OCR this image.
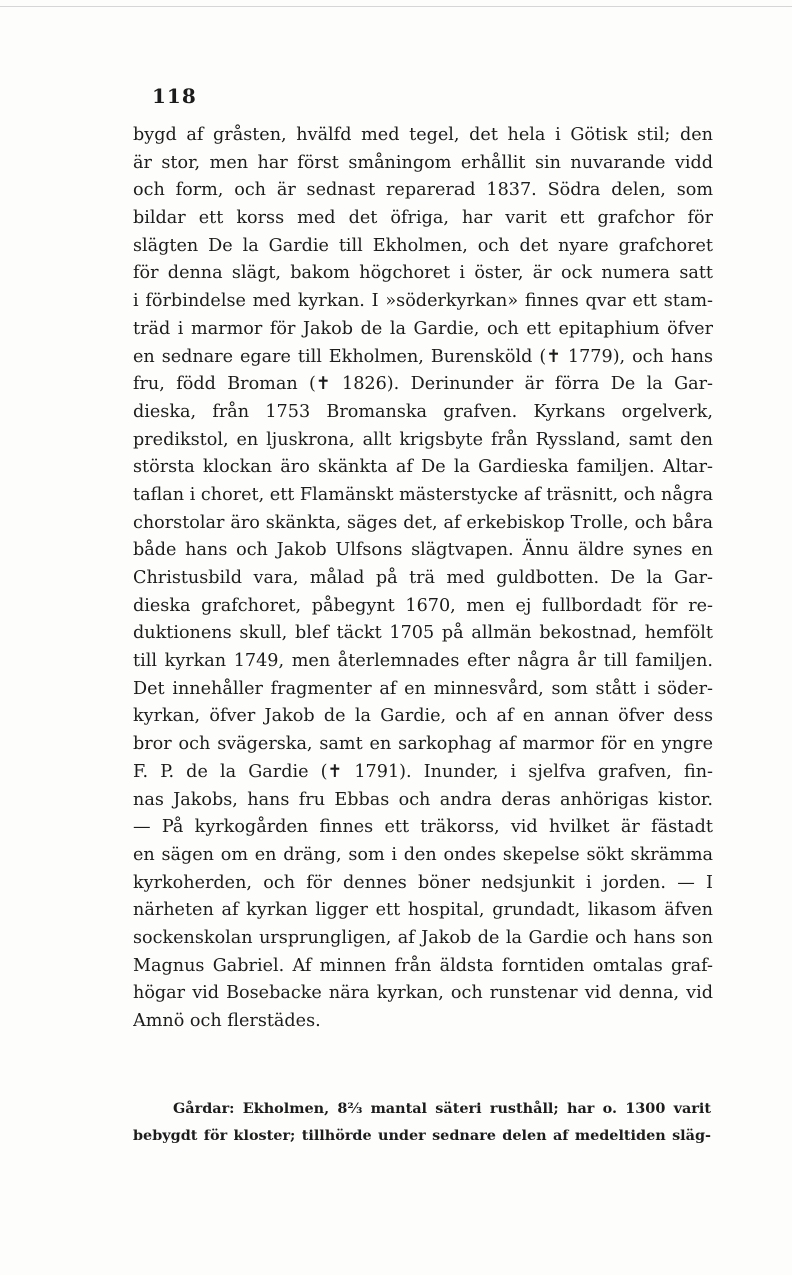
118
bygd af gråsten, hvälfd med tegel, det hela i Götisk stil; den
är stor, men har först småningom erhållit sin nuvarande vidd
och form, och är sednast reparerad 1837. Södra delen, som
bildar ett korss med det öfriga, har varit ett grafchor för
slägten De la Gardie till Ekholmen, och det nyare grafchoret
för denna slägt, bakom högchoret i öster, är ock numera satt
i förbindelse med kyrkan. I »söderkyrkan» finnes qvar ett stam-
träd i marmor för Jakob de la Gardie, och ett epitaphium öfver
en sednare egare till Ekholmen, Burensköld (✝ 1779), och hans
fru, född Broman (✝ 1826). Derinunder är förra De la Gar-
dieska, från 1753 Bromanska grafven. Kyrkans orgelverk,
predikstol, en ljuskrona, allt krigsbyte från Ryssland, samt den
största klockan äro skänkta af De la Gardieska familjen. Altar-
taflan i choret, ett Flamänskt mästerstycke af träsnitt, och några
chorstolar äro skänkta, säges det, af erkebiskop Trolle, och båra
både hans och Jakob Ulfsons slägtvapen. Ännu äldre synes en
Christusbild vara, målad på trä med guldbotten. De la Gar-
dieska grafchoret, påbegynt 1670, men ej fullbordadt för re-
duktionens skull, blef täckt 1705 på allmän bekostnad, hemfölt
till kyrkan 1749, men återlemnades efter några år till familjen.
Det innehåller fragmenter af en minnesvård, som stått i söder-
kyrkan, öfver Jakob de la Gardie, och af en annan öfver dess
bror och svägerska, samt en sarkophag af marmor för en yngre
F. P. de la Gardie (✝ 1791). Inunder, i sjelfva grafven, fin-
nas Jakobs, hans fru Ebbas och andra deras anhörigas kistor.
— På kyrkogården finnes ett träkorss, vid hvilket är fästadt
en sägen om en dräng, som i den ondes skepelse sökt skrämma
kyrkoherden, och för dennes böner nedsjunkit i jorden. — I
närheten af kyrkan ligger ett hospital, grundadt, likasom äfven
sockenskolan ursprungligen, af Jakob de la Gardie och hans son
Magnus Gabriel. Af minnen från äldsta forntiden omtalas graf-
högar vid Bosebacke nära kyrkan, och runstenar vid denna, vid
Amnö och flerstädes.
Gårdar: Ekholmen, 8⅔ mantal säteri rusthåll; har o. 1300 varit
bebygdt för kloster; tillhörde under sednare delen af medeltiden släg-
